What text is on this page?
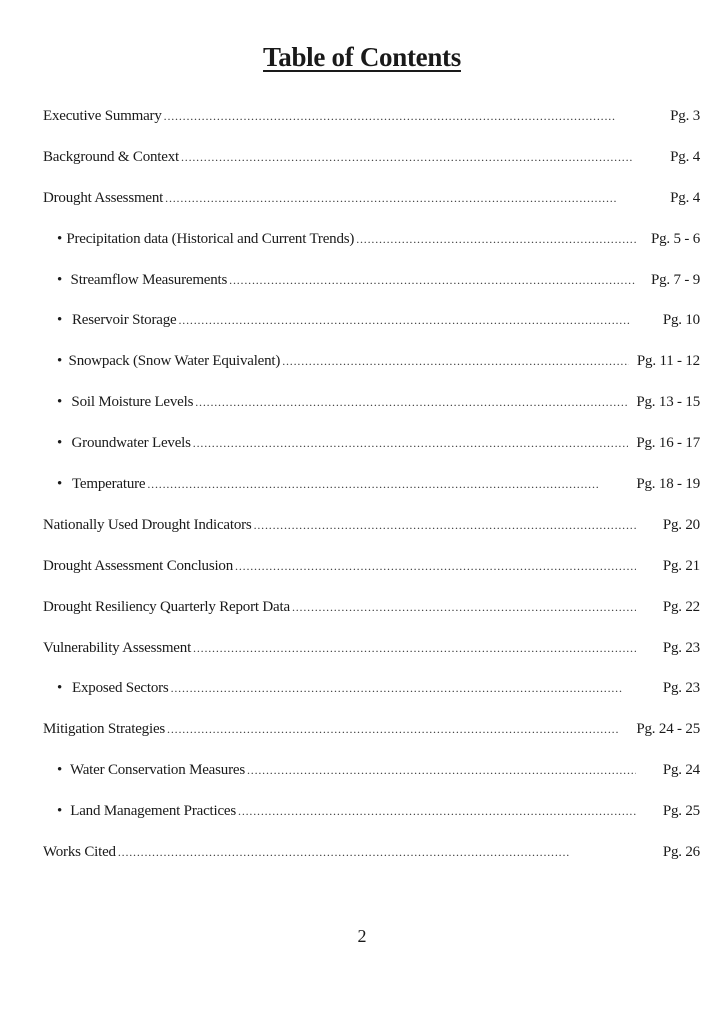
Table of Contents
Executive Summary . . .	Pg. 3
Background & Context . . .	Pg. 4
Drought Assessment . . .	Pg. 4
• Precipitation data (Historical and Current Trends) . . .	Pg. 5 - 6
• Streamflow Measurements . . .	Pg. 7 - 9
• Reservoir Storage . . .	Pg. 10
• Snowpack (Snow Water Equivalent) . . .	Pg. 11 - 12
• Soil Moisture Levels . . .	Pg. 13 - 15
• Groundwater Levels . . .	Pg. 16 - 17
• Temperature . . .	Pg. 18 - 19
Nationally Used Drought Indicators . . .	Pg. 20
Drought Assessment Conclusion . . .	Pg. 21
Drought Resiliency Quarterly Report Data . . .	Pg. 22
Vulnerability Assessment . . .	Pg. 23
• Exposed Sectors . . .	Pg. 23
Mitigation Strategies . . .	Pg. 24 - 25
• Water Conservation Measures . . .	Pg. 24
• Land Management Practices . . .	Pg. 25
Works Cited . . .	Pg. 26
2
